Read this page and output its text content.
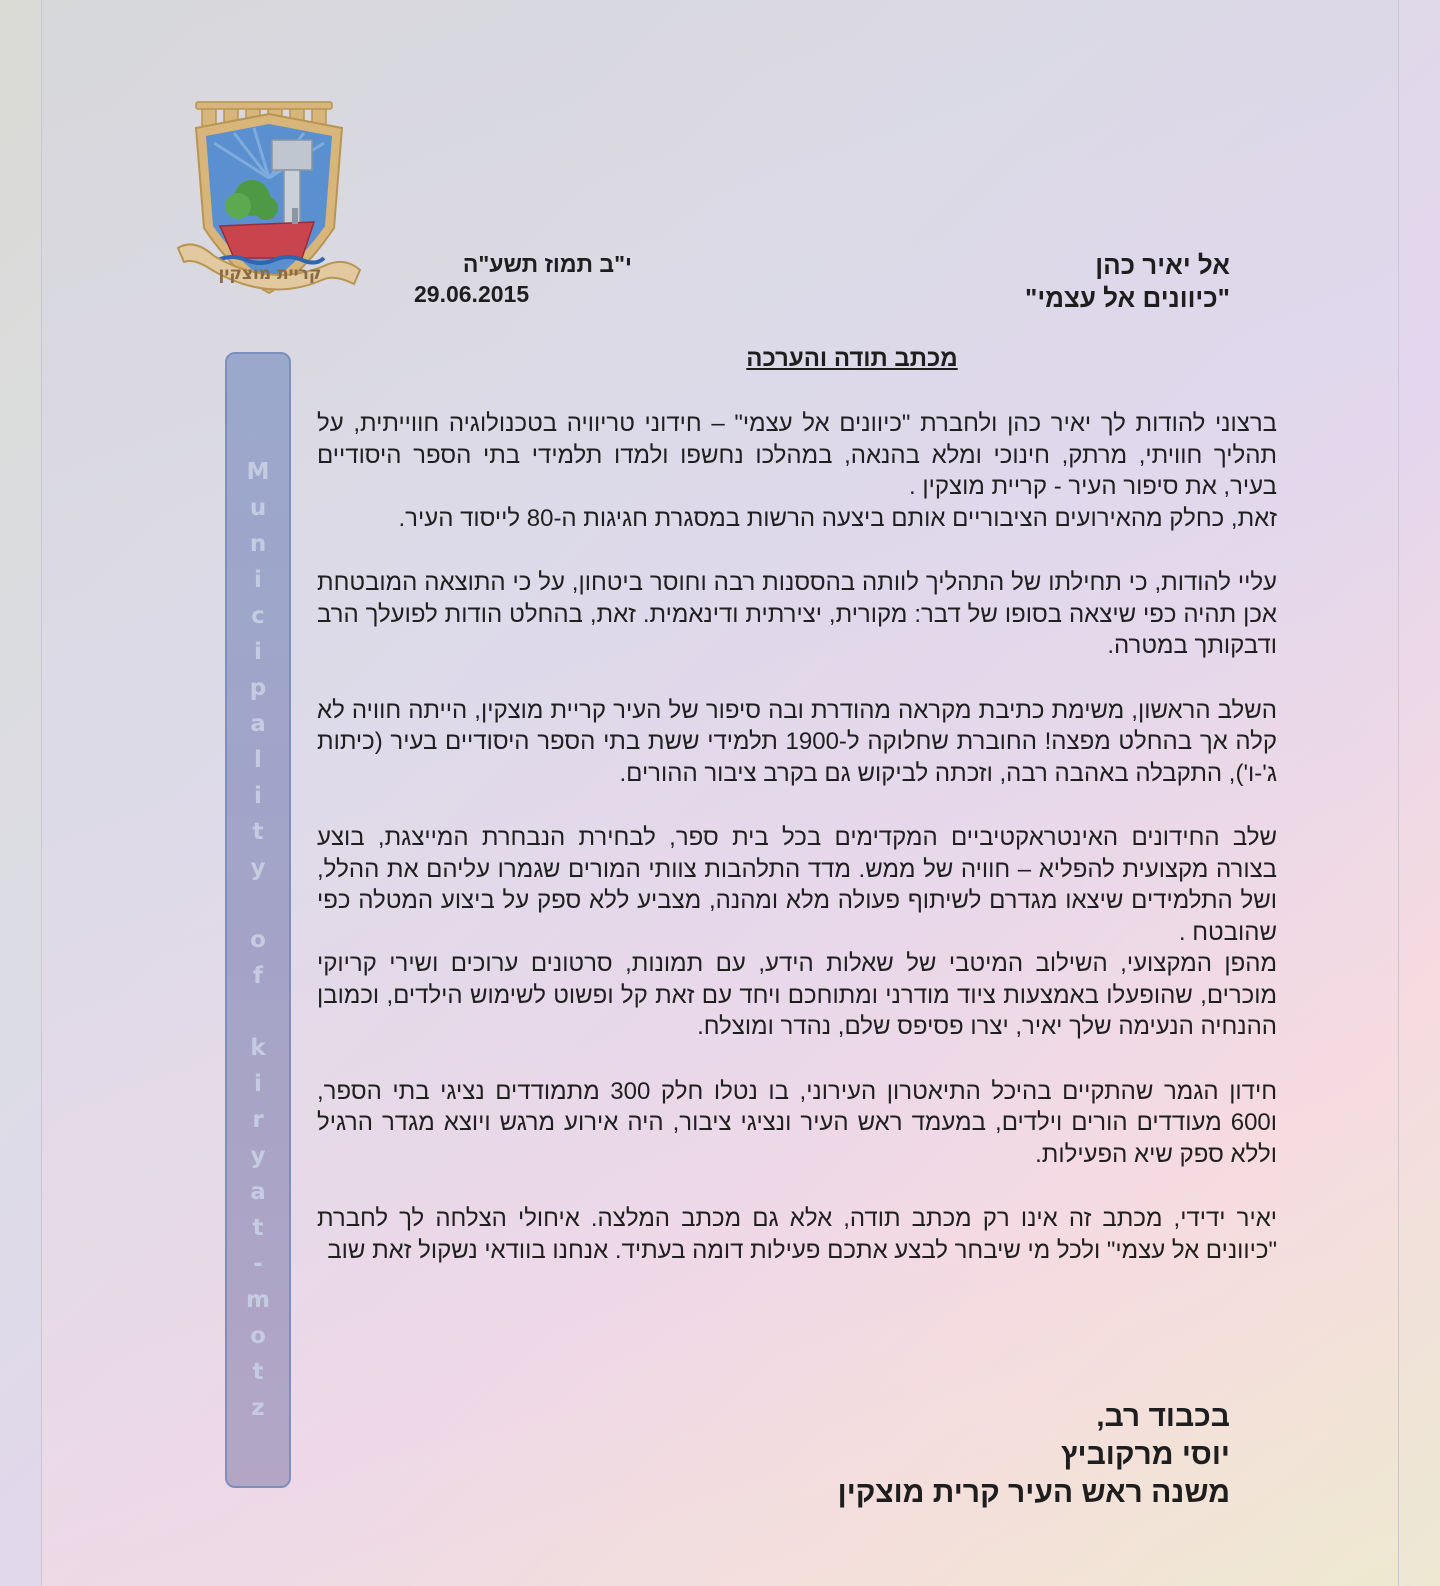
קריית מוצקין
M
u
n
i
c
i
p
a
l
i
t
y

o
f

k
i
r
y
a
t
-
m
o
t
z
י"ב תמוז תשע"ה
29.06.2015
אל יאיר כהן
"כיוונים אל עצמי"
מכתב תודה והערכה

ברצוני להודות לך יאיר כהן ולחברת "כיוונים אל עצמי" – חידוני טריוויה בטכנולוגיה חווייתית, על תהליך חוויתי, מרתק, חינוכי ומלא בהנאה, במהלכו נחשפו ולמדו תלמידי בתי הספר היסודיים בעיר, את סיפור העיר - קריית מוצקין .

זאת, כחלק מהאירועים הציבוריים אותם ביצעה הרשות במסגרת חגיגות ה-80 לייסוד העיר.

עליי להודות, כי תחילתו של התהליך לוותה בהססנות רבה וחוסר ביטחון, על כי התוצאה המובטחת אכן תהיה כפי שיצאה בסופו של דבר: מקורית, יצירתית ודינאמית. זאת, בהחלט הודות לפועלך הרב ודבקותך במטרה.

השלב הראשון, משימת כתיבת מקראה מהודרת ובה סיפור של העיר קריית מוצקין, הייתה חוויה לא קלה אך בהחלט מפצה! החוברת שחלוקה ל-1900 תלמידי ששת בתי הספר היסודיים בעיר (כיתות ג'-ו'), התקבלה באהבה רבה, וזכתה לביקוש גם בקרב ציבור ההורים.

שלב החידונים האינטראקטיביים המקדימים בכל בית ספר, לבחירת הנבחרת המייצגת, בוצע בצורה מקצועית להפליא – חוויה של ממש. מדד התלהבות צוותי המורים שגמרו עליהם את ההלל, ושל התלמידים שיצאו מגדרם לשיתוף פעולה מלא ומהנה, מצביע ללא ספק על ביצוע המטלה כפי שהובטח .

מהפן המקצועי, השילוב המיטבי של שאלות הידע, עם תמונות, סרטונים ערוכים ושירי קריוקי מוכרים, שהופעלו באמצעות ציוד מודרני ומתוחכם ויחד עם זאת קל ופשוט לשימוש הילדים, וכמובן ההנחיה הנעימה שלך יאיר, יצרו פסיפס שלם, נהדר ומוצלח.

חידון הגמר שהתקיים בהיכל התיאטרון העירוני, בו נטלו חלק 300 מתמודדים נציגי בתי הספר, ו600 מעודדים הורים וילדים, במעמד ראש העיר ונציגי ציבור, היה אירוע מרגש ויוצא מגדר הרגיל וללא ספק שיא הפעילות.

יאיר ידידי, מכתב זה אינו רק מכתב תודה, אלא גם מכתב המלצה. איחולי הצלחה לך לחברת "כיוונים אל עצמי" ולכל מי שיבחר לבצע אתכם פעילות דומה בעתיד. אנחנו בוודאי נשקול זאת שוב

בכבוד רב,
יוסי מרקוביץ
משנה ראש העיר קרית מוצקין
